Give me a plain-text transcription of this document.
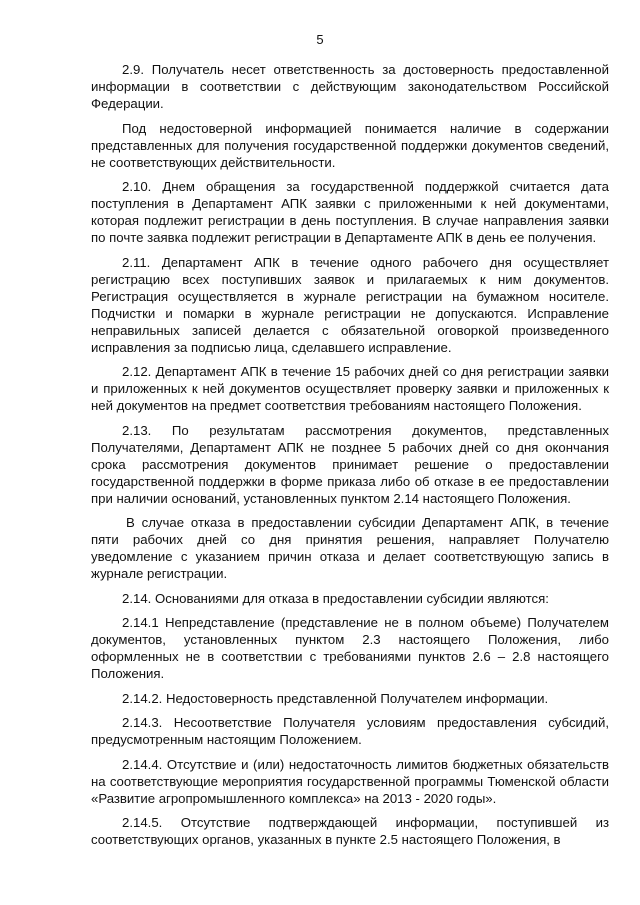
5

2.9. Получатель несет ответственность за достоверность предоставленной информации в соответствии с действующим законодательством Российской Федерации.

Под недостоверной информацией понимается наличие в содержании представленных для получения государственной поддержки документов сведений, не соответствующих действительности.

2.10. Днем обращения за государственной поддержкой считается дата поступления в Департамент АПК заявки с приложенными к ней документами, которая подлежит регистрации в день поступления. В случае направления заявки по почте заявка подлежит регистрации в Департаменте АПК в день ее получения.

2.11. Департамент АПК в течение одного рабочего дня осуществляет регистрацию всех поступивших заявок и прилагаемых к ним документов. Регистрация осуществляется в журнале регистрации на бумажном носителе. Подчистки и помарки в журнале регистрации не допускаются. Исправление неправильных записей делается с обязательной оговоркой произведенного исправления за подписью лица, сделавшего исправление.

2.12. Департамент АПК в течение 15 рабочих дней со дня регистрации заявки и приложенных к ней документов осуществляет проверку заявки и приложенных к ней документов на предмет соответствия требованиям настоящего Положения.

2.13. По результатам рассмотрения документов, представленных Получателями, Департамент АПК не позднее 5 рабочих дней со дня окончания срока рассмотрения документов принимает решение о предоставлении государственной поддержки в форме приказа либо об отказе в ее предоставлении при наличии оснований, установленных пунктом 2.14 настоящего Положения.

В случае отказа в предоставлении субсидии Департамент АПК, в течение пяти рабочих дней со дня принятия решения, направляет Получателю уведомление с указанием причин отказа и делает соответствующую запись в журнале регистрации.

2.14. Основаниями для отказа в предоставлении субсидии являются:

2.14.1 Непредставление (представление не в полном объеме) Получателем документов, установленных пунктом 2.3 настоящего Положения, либо оформленных не в соответствии с требованиями пунктов 2.6 – 2.8 настоящего Положения.

2.14.2. Недостоверность представленной Получателем информации.

2.14.3. Несоответствие Получателя условиям предоставления субсидий, предусмотренным настоящим Положением.

2.14.4. Отсутствие и (или) недостаточность лимитов бюджетных обязательств на соответствующие мероприятия государственной программы Тюменской области «Развитие агропромышленного комплекса» на 2013 - 2020 годы».

2.14.5. Отсутствие подтверждающей информации, поступившей из соответствующих органов, указанных в пункте 2.5 настоящего Положения, в
